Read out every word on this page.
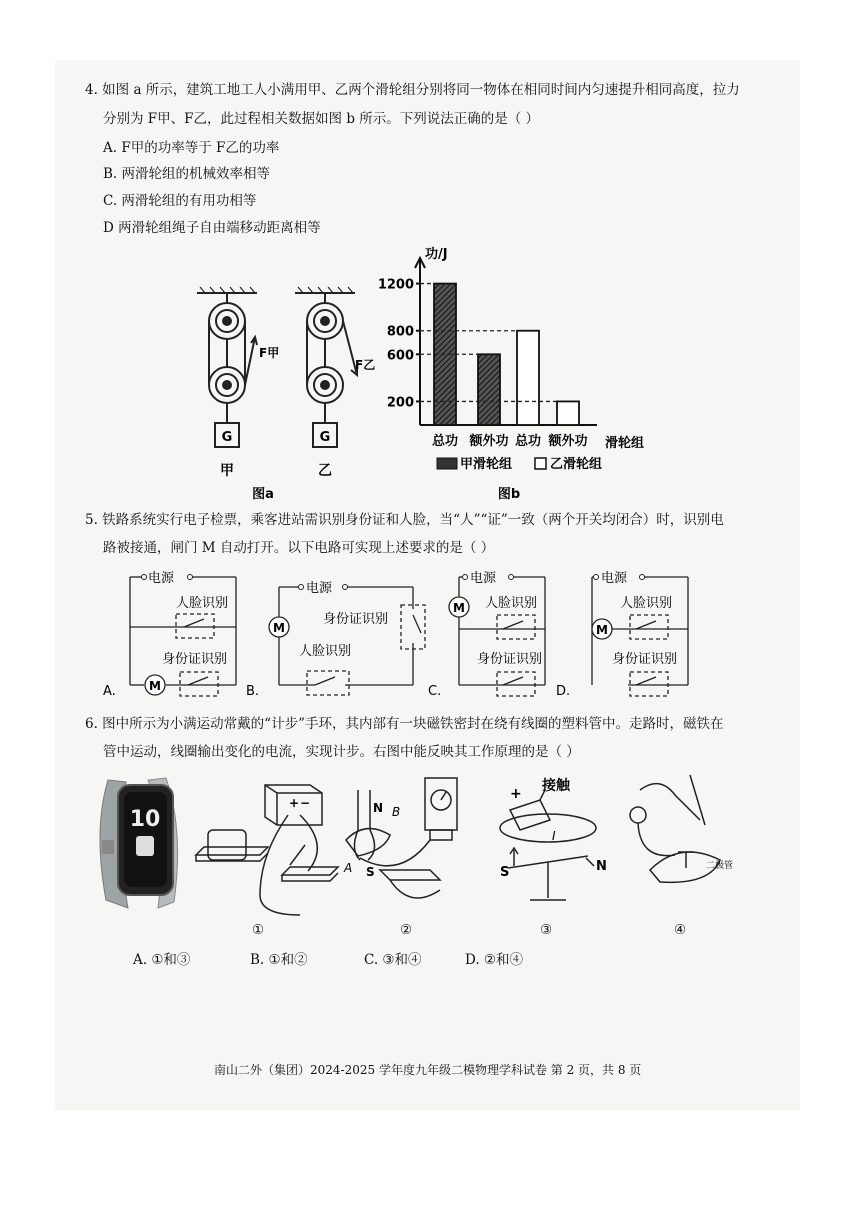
4. 如图 a 所示，建筑工地工人小满用甲、乙两个滑轮组分别将同一物体在相同时间内匀速提升相同高度，拉力
分别为 F甲、F乙，此过程相关数据如图 b 所示。下列说法正确的是（ ）
A. F甲的功率等于 F乙的功率
B. 两滑轮组的机械效率相等
C. 两滑轮组的有用功相等
D 两滑轮组绳子自由端移动距离相等
G	G
F甲
F乙
甲	乙
图a
200
600
800
1200
总功 额外功 总功 额外功
功/J
滑轮组
甲滑轮组	乙滑轮组
图b
5. 铁路系统实行电子检票，乘客进站需识别身份证和人脸，当“人”“证”一致（两个开关均闭合）时，识别电
路被接通，闸门 M 自动打开。以下电路可实现上述要求的是（ ）
电源
人脸识别
身份证识别
M
A.
电源
身份证识别
人脸识别
M
B.
电源
人脸识别
身份证识别
M
C.
电源
人脸识别
身份证识别
M
D.
6. 图中所示为小满运动常戴的“计步”手环，其内部有一块磁铁密封在绕有线圈的塑料管中。走路时，磁铁在
管中运动，线圈输出变化的电流，实现计步。右图中能反映其工作原理的是（ ）
10
+ −	N B
A S
+ 接触
I
S	N	二极管
①	②	③	④
A. ①和③	B. ①和②	C. ③和④	D. ②和④
南山二外（集团）2024-2025 学年度九年级二模物理学科试卷 第 2 页，共 8 页
